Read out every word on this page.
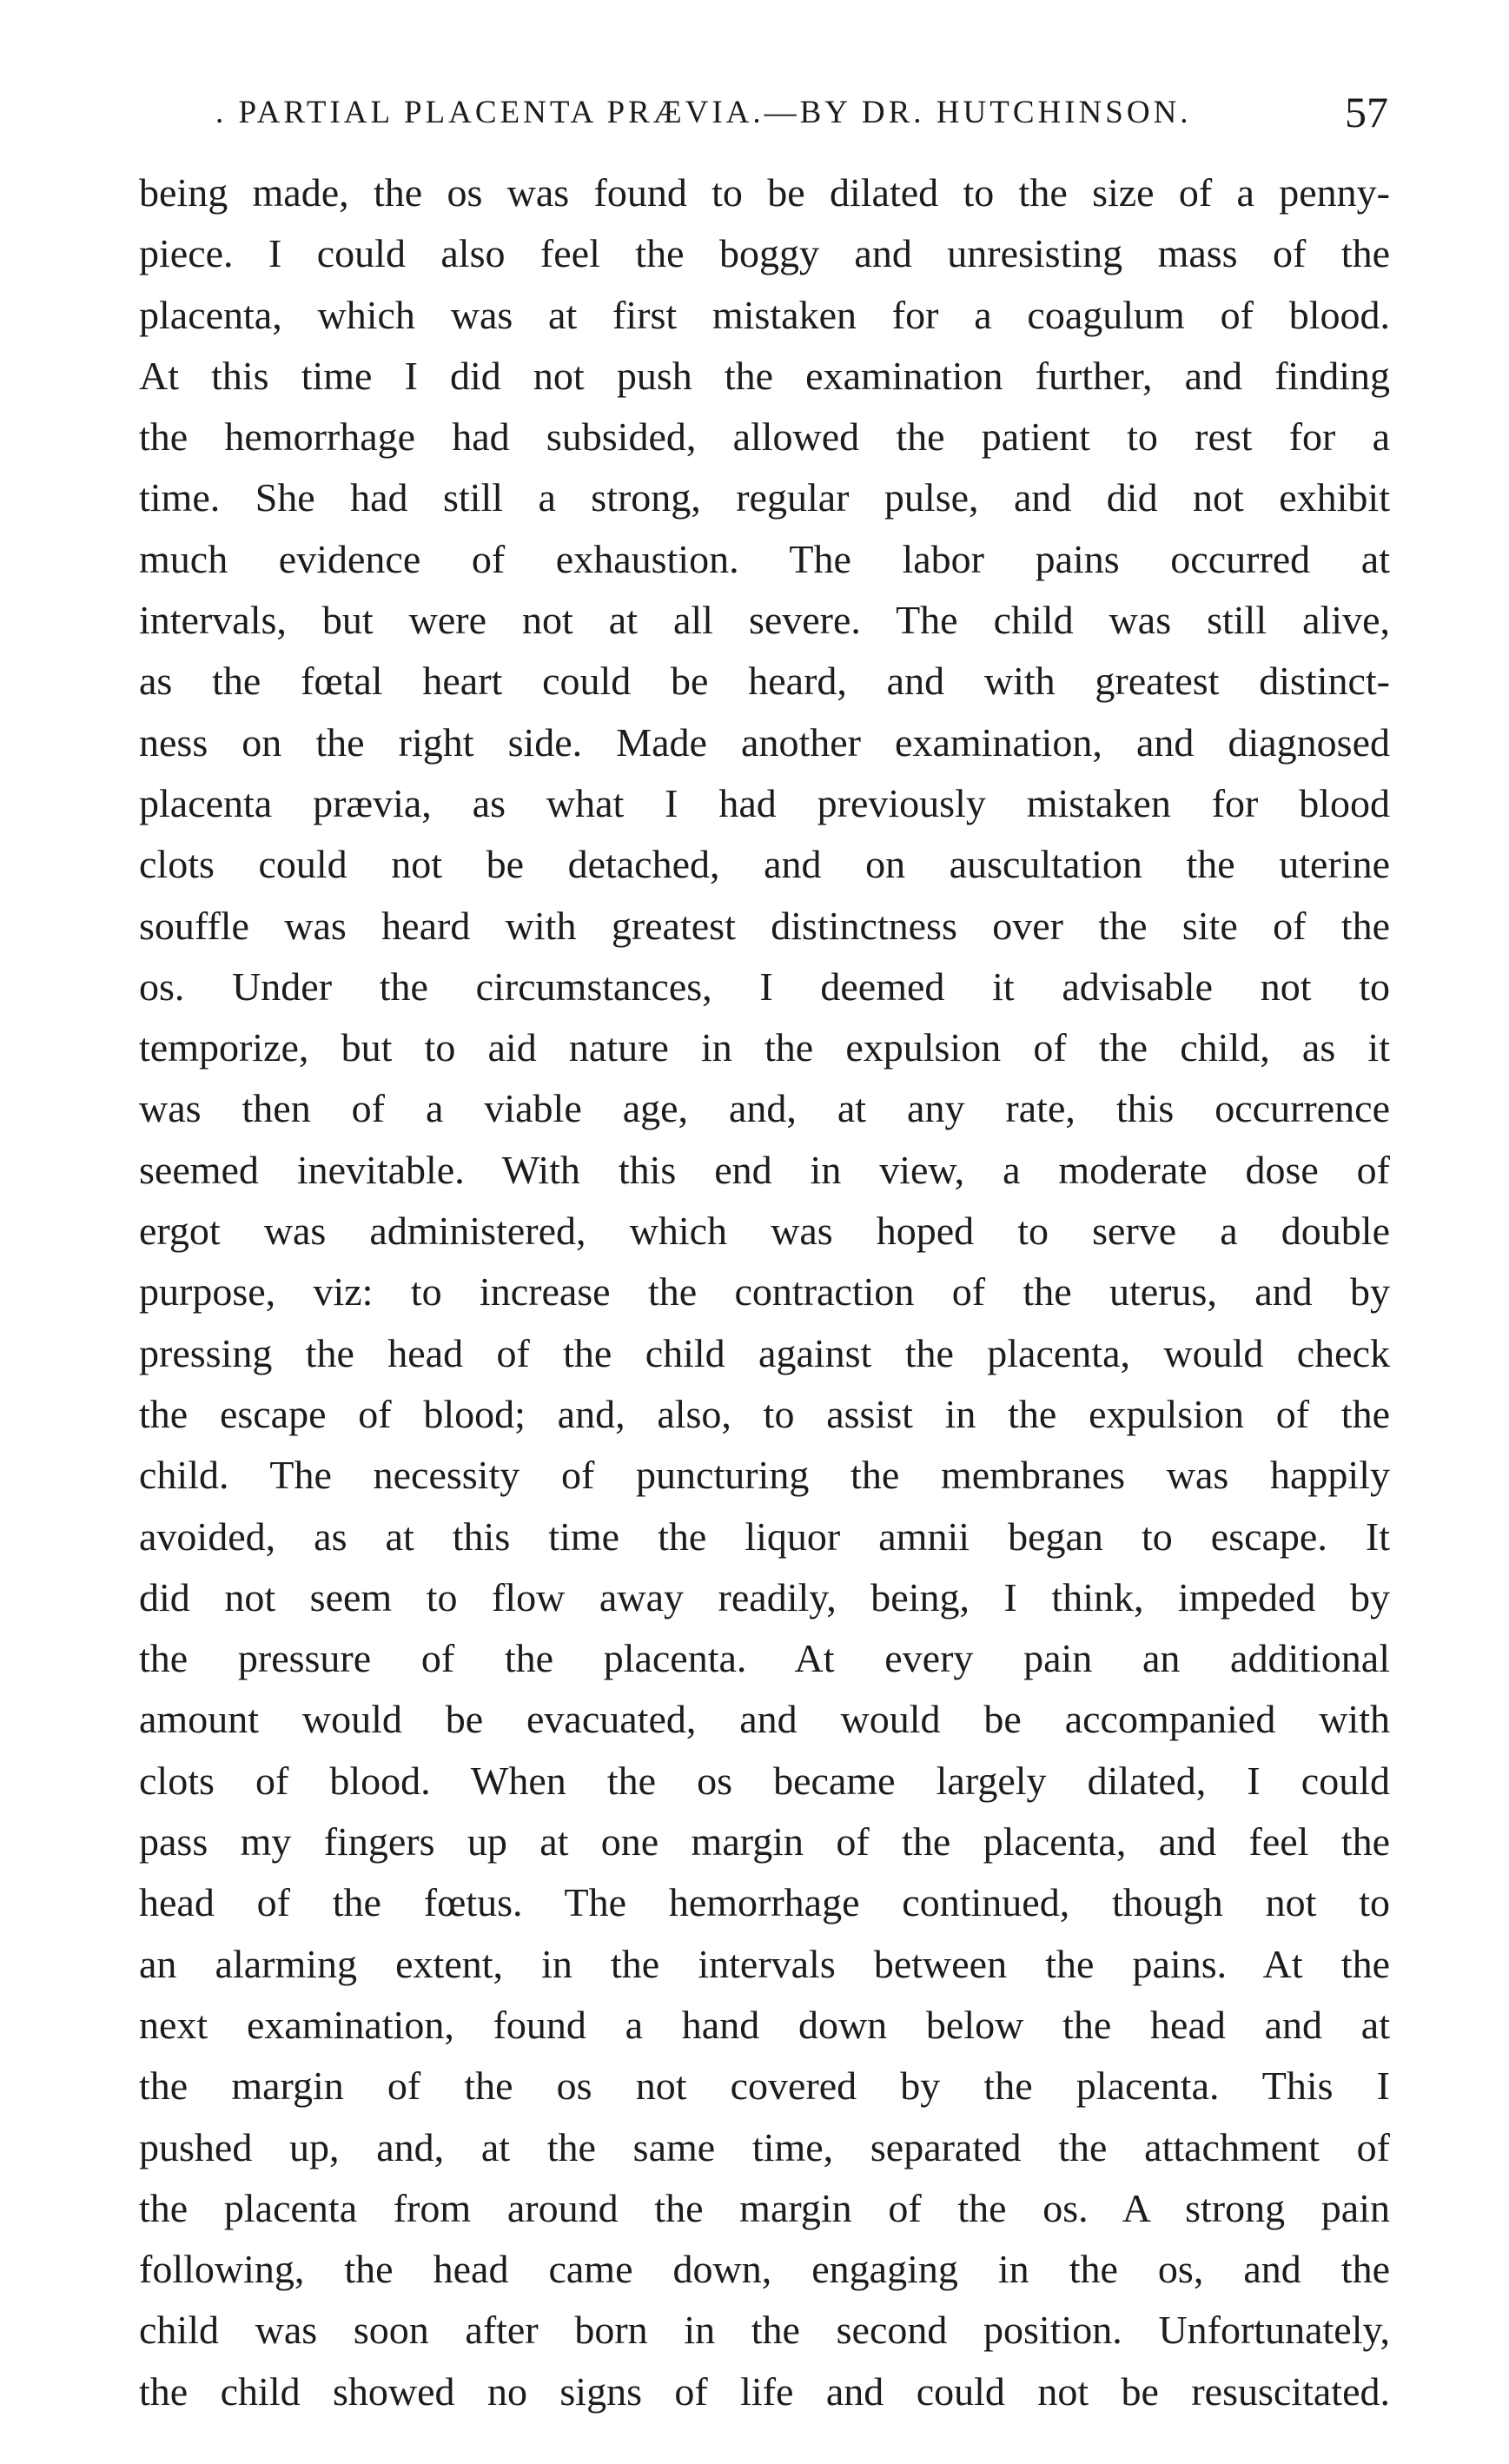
. PARTIAL PLACENTA PRÆVIA.—BY DR. HUTCHINSON.	57
being made, the os was found to be dilated to the size of a penny-
piece. I could also feel the boggy and unresisting mass of the
placenta, which was at first mistaken for a coagulum of blood.
At this time I did not push the examination further, and finding
the hemorrhage had subsided, allowed the patient to rest for a
time. She had still a strong, regular pulse, and did not exhibit
much evidence of exhaustion. The labor pains occurred at
intervals, but were not at all severe. The child was still alive,
as the fœtal heart could be heard, and with greatest distinct-
ness on the right side. Made another examination, and diagnosed
placenta prævia, as what I had previously mistaken for blood
clots could not be detached, and on auscultation the uterine
souffle was heard with greatest distinctness over the site of the
os. Under the circumstances, I deemed it advisable not to
temporize, but to aid nature in the expulsion of the child, as it
was then of a viable age, and, at any rate, this occurrence
seemed inevitable. With this end in view, a moderate dose of
ergot was administered, which was hoped to serve a double
purpose, viz: to increase the contraction of the uterus, and by
pressing the head of the child against the placenta, would check
the escape of blood; and, also, to assist in the expulsion of the
child. The necessity of puncturing the membranes was happily
avoided, as at this time the liquor amnii began to escape. It
did not seem to flow away readily, being, I think, impeded by
the pressure of the placenta. At every pain an additional
amount would be evacuated, and would be accompanied with
clots of blood. When the os became largely dilated, I could
pass my fingers up at one margin of the placenta, and feel the
head of the fœtus. The hemorrhage continued, though not to
an alarming extent, in the intervals between the pains. At the
next examination, found a hand down below the head and at
the margin of the os not covered by the placenta. This I
pushed up, and, at the same time, separated the attachment of
the placenta from around the margin of the os. A strong pain
following, the head came down, engaging in the os, and the
child was soon after born in the second position. Unfortunately,
the child showed no signs of life and could not be resuscitated.
